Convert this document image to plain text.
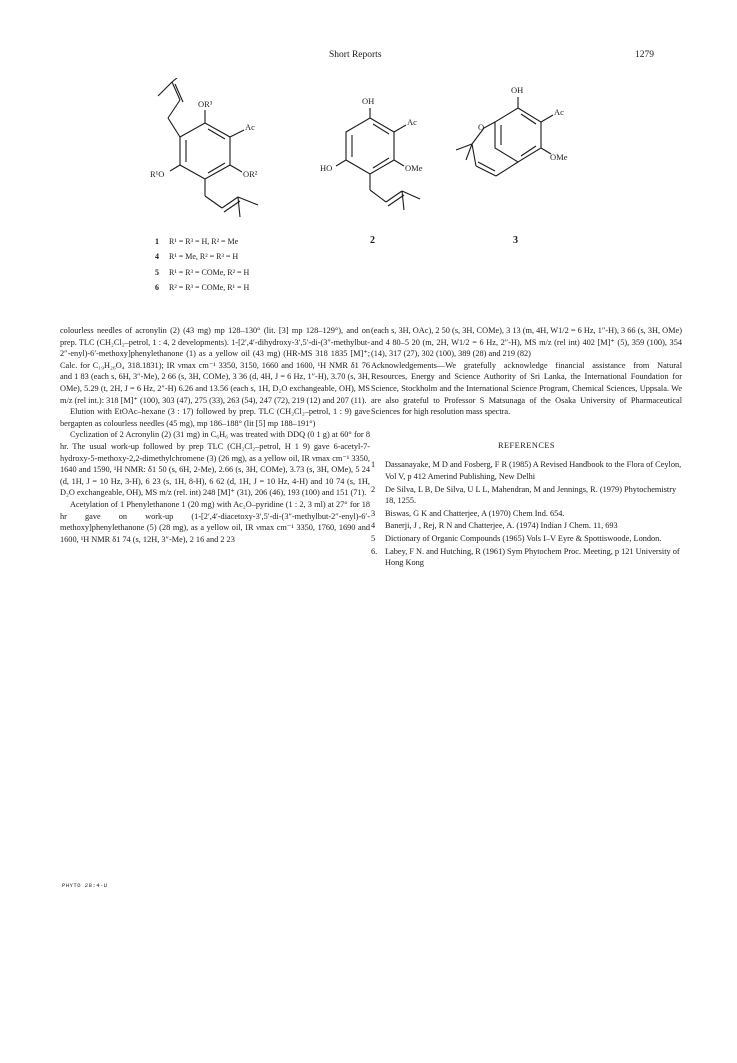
Short Reports	1279
OR³
Ac
R¹O	OR²
OH
Ac
HO	OMe
OH
Ac
OMe
O
2	3
1 R¹ = R³ = H, R² = Me
4 R¹ = Me, R² = R³ = H
5 R¹ = R³ = COMe, R² = H
6 R² = R³ = COMe, R¹ = H

colourless needles of acronylin (2) (43 mg) mp 128–130° (lit. [3] mp 128–129°), and on prep. TLC (CH₂Cl₂–petrol, 1 : 4, 2 developments). 1-[2′,4′-dihydroxy-3′,5′-di-(3″-methylbut-2″-enyl)-6′-methoxy]phenylethanone (1) as a yellow oil (43 mg) (HR-MS 318 1835 [M]⁺; Calc. for C₁₉H₂₆O₄ 318.1831); IR νmax cm⁻¹ 3350, 3150, 1660 and 1600, ¹H NMR δ1 76 and 1 83 (each s, 6H, 3″-Me), 2 66 (s, 3H, COMe), 3 36 (d, 4H, J = 6 Hz, 1″-H), 3.70 (s, 3H, OMe), 5.29 (t, 2H, J = 6 Hz, 2″-H) 6.26 and 13.56 (each s, 1H, D₂O exchangeable, OH), MS m/z (rel int.): 318 [M]⁺ (100), 303 (47), 275 (33), 263 (54), 247 (72), 219 (12) and 207 (11).

Elution with EtOAc–hexane (3 : 17) followed by prep. TLC (CH₂Cl₂–petrol, 1 : 9) gave bergapten as colourless needles (45 mg), mp 186–188° (lit [5] mp 188–191°)

Cyclization of 2 Acronylin (2) (31 mg) in C₆H₆ was treated with DDQ (0 1 g) at 60° for 8 hr. The usual work-up followed by prep TLC (CH₂Cl₂–petrol, H 1 9) gave 6-acetyl-7-hydroxy-5-methoxy-2,2-dimethylchromene (3) (26 mg), as a yellow oil, IR νmax cm⁻¹ 3350, 1640 and 1590, ¹H NMR: δ1 50 (s, 6H, 2-Me), 2.66 (s, 3H, COMe), 3.73 (s, 3H, OMe), 5 24 (d, 1H, J = 10 Hz, 3-H), 6 23 (s, 1H, 8-H), 6 62 (d, 1H, J = 10 Hz, 4-H) and 10 74 (s, 1H, D₂O exchangeable, OH), MS m/z (rel. int) 248 [M]⁺ (31), 206 (46), 193 (100) and 151 (71).

Acetylation of 1 Phenylethanone 1 (20 mg) with Ac₂O–pyridine (1 : 2, 3 ml) at 27° for 18 hr gave on work-up (1-[2′,4′-diacetoxy-3′,5′-di-(3″-methylbut-2″-enyl)-6′-methoxy]phenylethanone (5) (28 mg), as a yellow oil, IR νmax cm⁻¹ 3350, 1760, 1690 and 1600, ¹H NMR δ1 74 (s, 12H, 3″-Me), 2 16 and 2 23

(each s, 3H, OAc), 2 50 (s, 3H, COMe), 3 13 (m, 4H, W1/2 = 6 Hz, 1″-H), 3 66 (s, 3H, OMe) and 4 80–5 20 (m, 2H, W1/2 = 6 Hz, 2″-H), MS m/z (rel int) 402 [M]⁺ (5), 359 (100), 354 (14), 317 (27), 302 (100), 389 (28) and 219 (82)

Acknowledgements—We gratefully acknowledge financial assistance from Natural Resources, Energy and Science Authority of Sri Lanka, the International Foundation for Science, Stockholm and the International Science Program, Chemical Sciences, Uppsala. We are also grateful to Professor S Matsunaga of the Osaka University of Pharmaceutical Sciences for high resolution mass spectra.

REFERENCES
1	Dassanayake, M D and Fosberg, F R (1985) A Revised Handbook to the Flora of Ceylon, Vol V, p 412 Amerind Publishing, New Delhi
2	De Silva, L B, De Silva, U L L, Mahendran, M and Jennings, R. (1979) Phytochemistry 18, 1255.
3	Biswas, G K and Chatterjee, A (1970) Chem Ind. 654.
4	Banerji, J , Rej, R N and Chatterjee, A. (1974) Indian J Chem. 11, 693
5	Dictionary of Organic Compounds (1965) Vols I–V Eyre & Spottiswoode, London.
6. Labey, F N. and Hutching, R (1961) Sym Phytochem Proc. Meeting, p 121 University of Hong Kong
PHYTO 28:4-U
